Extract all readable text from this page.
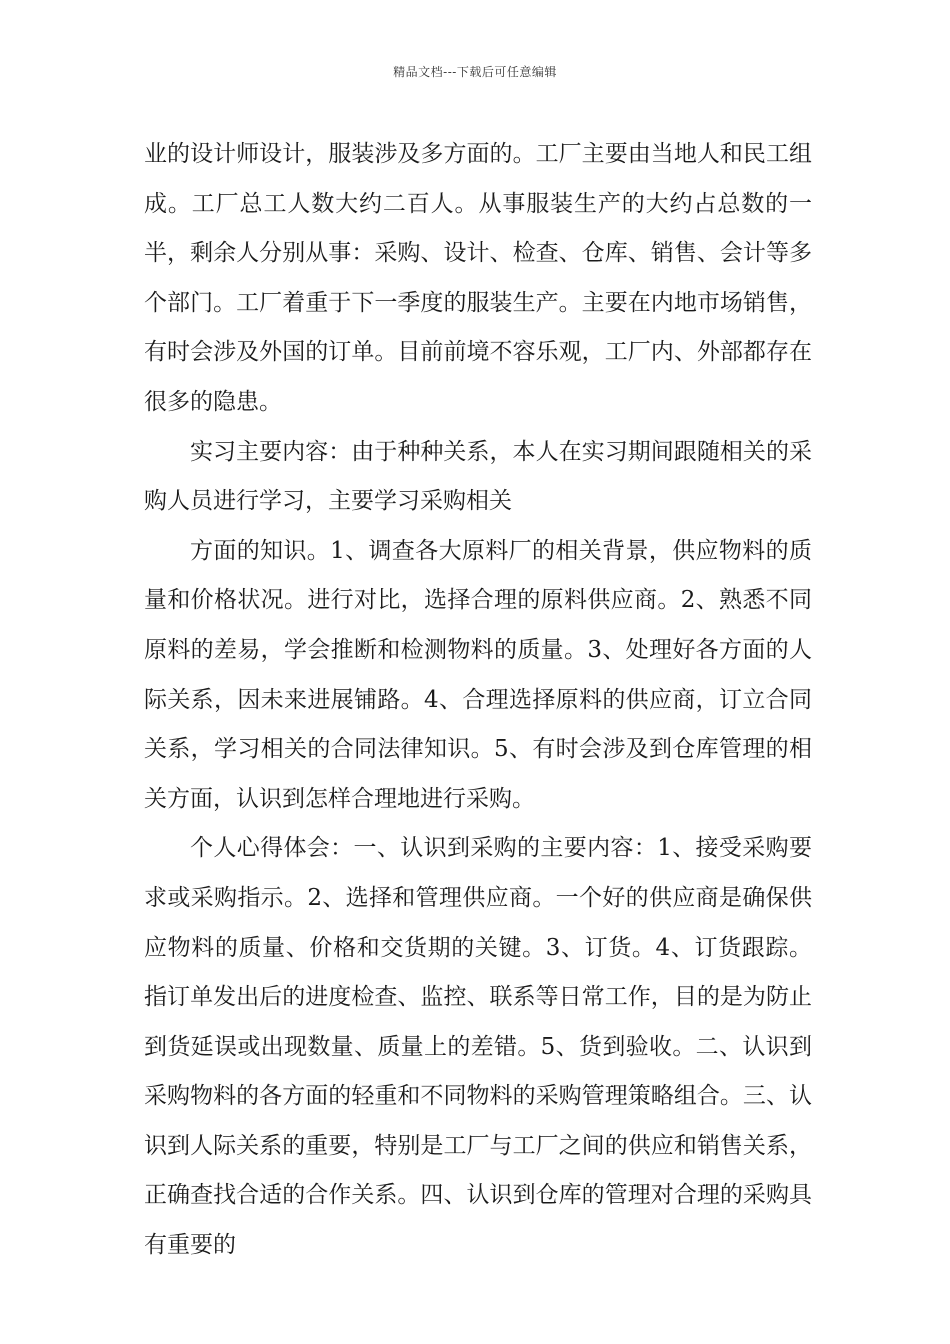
精品文档---下载后可任意编辑

业的设计师设计，服装涉及多方面的。工厂主要由当地人和民工组成。工厂总工人数大约二百人。从事服装生产的大约占总数的一半，剩余人分别从事：采购、设计、检查、仓库、销售、会计等多个部门。工厂着重于下一季度的服装生产。主要在内地市场销售，有时会涉及外国的订单。目前前境不容乐观，工厂内、外部都存在很多的隐患。

实习主要内容：由于种种关系，本人在实习期间跟随相关的采购人员进行学习，主要学习采购相关

方面的知识。1、调查各大原料厂的相关背景，供应物料的质量和价格状况。进行对比，选择合理的原料供应商。2、熟悉不同原料的差易，学会推断和检测物料的质量。3、处理好各方面的人际关系，因未来进展铺路。4、合理选择原料的供应商，订立合同关系，学习相关的合同法律知识。5、有时会涉及到仓库管理的相关方面，认识到怎样合理地进行采购。

个人心得体会：一、认识到采购的主要内容：1、接受采购要求或采购指示。2、选择和管理供应商。一个好的供应商是确保供应物料的质量、价格和交货期的关键。3、订货。4、订货跟踪。指订单发出后的进度检查、监控、联系等日常工作，目的是为防止到货延误或出现数量、质量上的差错。5、货到验收。二、认识到采购物料的各方面的轻重和不同物料的采购管理策略组合。三、认识到人际关系的重要，特别是工厂与工厂之间的供应和销售关系，正确查找合适的合作关系。四、认识到仓库的管理对合理的采购具有重要的
